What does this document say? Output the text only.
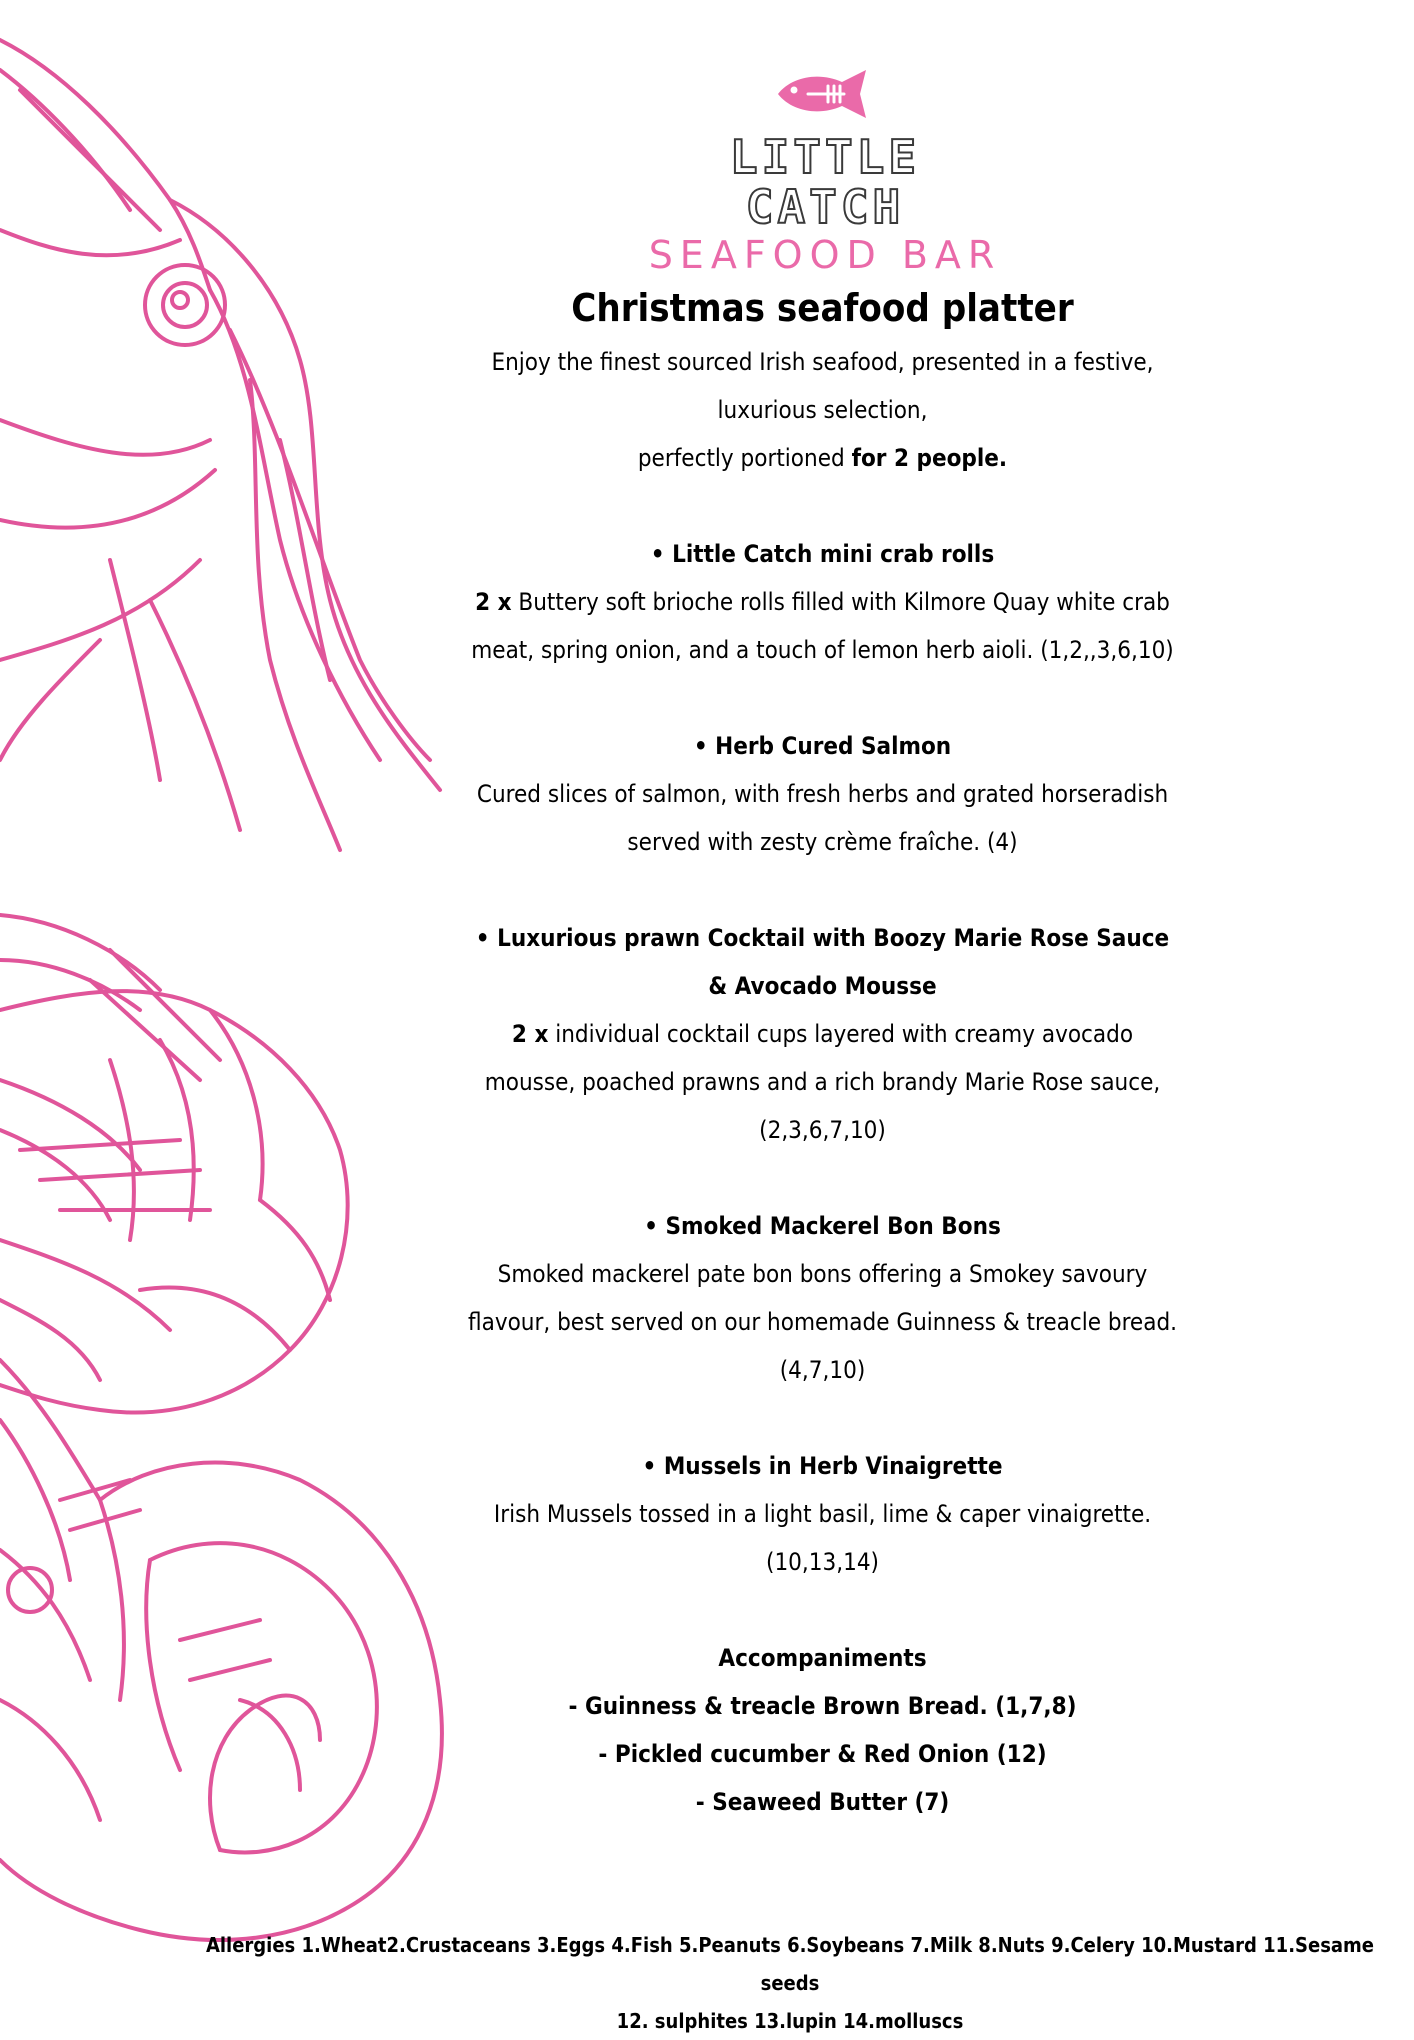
LITTLE CATCH
SEAFOOD BAR
Christmas seafood platter

Enjoy the finest sourced Irish seafood, presented in a festive,

luxurious selection,

perfectly portioned for 2 people.

• Little Catch mini crab rolls

2 x Buttery soft brioche rolls filled with Kilmore Quay white crab

meat, spring onion, and a touch of lemon herb aioli. (1,2,,3,6,10)

• Herb Cured Salmon

Cured slices of salmon, with fresh herbs and grated horseradish

served with zesty crème fraîche. (4)

• Luxurious prawn Cocktail with Boozy Marie Rose Sauce

& Avocado Mousse

2 x individual cocktail cups layered with creamy avocado

mousse, poached prawns and a rich brandy Marie Rose sauce,

(2,3,6,7,10)

• Smoked Mackerel Bon Bons

Smoked mackerel pate bon bons offering a Smokey savoury

flavour, best served on our homemade Guinness & treacle bread.

(4,7,10)

• Mussels in Herb Vinaigrette

Irish Mussels tossed in a light basil, lime & caper vinaigrette.

(10,13,14)

Accompaniments

- Guinness & treacle Brown Bread. (1,7,8)

- Pickled cucumber & Red Onion (12)

- Seaweed Butter (7)

Allergies 1.Wheat2.Crustaceans 3.Eggs 4.Fish 5.Peanuts 6.Soybeans 7.Milk 8.Nuts 9.Celery 10.Mustard 11.Sesame seeds
12. sulphites 13.lupin 14.molluscs
